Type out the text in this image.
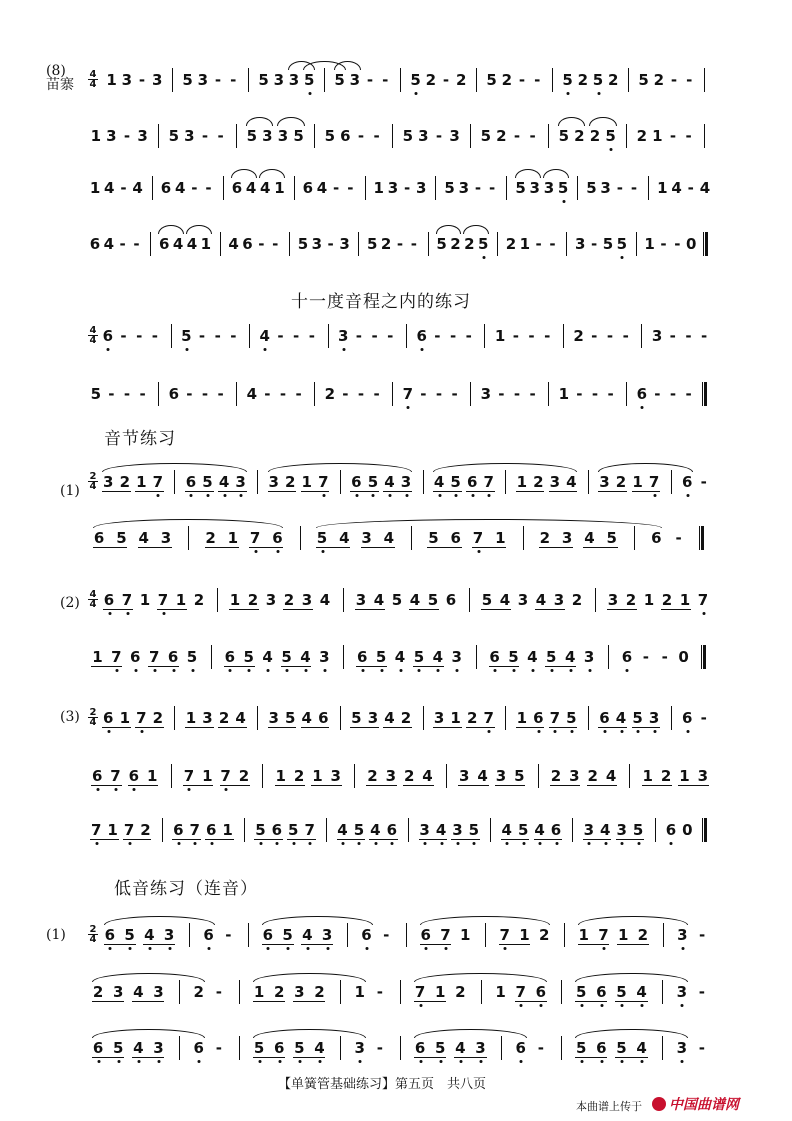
(8)
苗寨
4
4 1 3 - 3 5 3 - - 5 3 3 5 5 3 - - 5 2 - 2 5 2 - - 5 2 5 2 5 2 - -
1 3 - 3 5 3 - - 5 3 3 5 5 6 - - 5 3 - 3 5 2 - - 5 2 2 5 2 1 - -
1 4 - 4 6 4 - - 6 4 4 1 6 4 - - 1 3 - 3 5 3 - - 5 3 3 5 5 3 - - 1 4 - 4
6 4 - - 6 4 4 1 4 6 - - 5 3 - 3 5 2 - - 5 2 2 5 2 1 - - 3 - 5 5 1 - - 0
十一度音程之内的练习
4
4 6 - - - 5 - - - 4 - - - 3 - - - 6 - - - 1 - - - 2 - - - 3 - - -
5 - - - 6 - - - 4 - - - 2 - - - 7 - - - 3 - - - 1 - - - 6 - - -
音节练习
(1)
2
4 3 2 1 7 6 5 4 3 3 2 1 7 6 5 4 3 4 5 6 7 1 2 3 4 3 2 1 7 6 -
6 5 4 3 2 1 7 6 5 4 3 4 5 6 7 1 2 3 4 5 6 -
(2)
4
4 6 7 1 7 1 2 1 2 3 2 3 4 3 4 5 4 5 6 5 4 3 4 3 2 3 2 1 2 1 7
1 7 6 7 6 5 6 5 4 5 4 3 6 5 4 5 4 3 6 5 4 5 4 3 6 - - 0
(3) 2
4 6 1 7 2 1 3 2 4 3 5 4 6 5 3 4 2 3 1 2 7 1 6 7 5 6 4 5 3 6 -
6 7 6 1 7 1 7 2 1 2 1 3 2 3 2 4 3 4 3 5 2 3 2 4 1 2 1 3
7 1 7 2 6 7 6 1 5 6 5 7 4 5 4 6 3 4 3 5 4 5 4 6 3 4 3 5 6 0
低音练习（连音）
(1) 2
4 6 5 4 3 6 - 6 5 4 3 6 - 6 7 1 7 1 2 1 7 1 2 3 -
2 3 4 3 2 - 1 2 3 2 1 - 7 1 2 1 7 6 5 6 5 4 3 -
6 5 4 3 6 - 5 6 5 4 3 - 6 5 4 3 6 - 5 6 5 4 3 -
【单簧管基础练习】第五页　共八页
本曲谱上传于 中国曲谱网
